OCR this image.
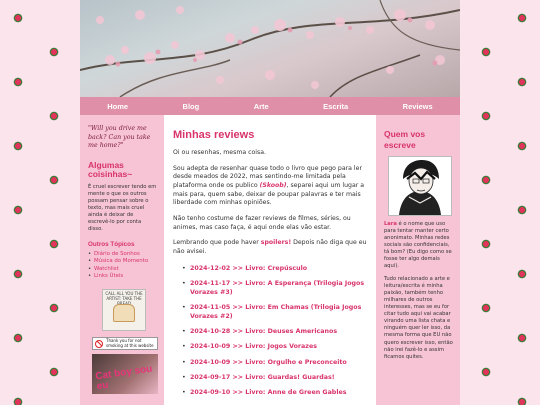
Home	Blog	Arte	Escrita	Reviews
"Will you drive me back? Can you take me home?"
Algumas coisinhas~

É cruel escrever tendo em mente o que os outros possam pensar sobre o texto, mas mais cruel ainda é deixar de escrevê-lo por conta disso.

Outros Tópicos
• Diário de Sonhos
• Música do Momento
• Watchlist
• Links Úteis
CALL ALL YOU THE ARTIST: TAKE THE
Thank you for not smoking at this website
Cat boy sou eu
Minhas reviews

Oi ou resenhas, mesma coisa.

Sou adepta de resenhar quase todo o livro que pego para ler desde meados de 2022, mas sentindo-me limitada pela plataforma onde os publico (Skoob), separei aqui um lugar a mais para, quem sabe, deixar de poupar palavras e ter mais liberdade com minhas opiniões.

Não tenho costume de fazer reviews de filmes, séries, ou animes, mas caso faça, é aqui onde elas vão estar.

Lembrando que pode haver spoilers! Depois não diga que eu não avisei.

• 2024-12-02 >> Livro: Crepúsculo
• 2024-11-17 >> Livro: A Esperança (Trilogia Jogos Vorazes #3)
• 2024-11-05 >> Livro: Em Chamas (Trilogia Jogos Vorazes #2)
• 2024-10-28 >> Livro: Deuses Americanos
• 2024-10-09 >> Livro: Jogos Vorazes
• 2024-10-09 >> Livro: Orgulho e Preconceito
• 2024-09-17 >> Livro: Guardas! Guardas!
• 2024-09-10 >> Livro: Anne de Green Gables
Quem vos escreve

Lara é o nome que uso para tentar manter certo anonimato. Minhas redes sociais são confidenciais, tá bom? (Eu digo como se fosse ter algo demais aqui).

Tudo relacionado a arte e leitura/escrita é minha paixão, também tenho milhares de outros interesses, mas se eu for citar tudo aqui vai acabar virando uma lista chata e ninguém quer ler isso, da mesma forma que EU não quero escrever isso, então não irei fazê-lo e assim ficamos quites.
